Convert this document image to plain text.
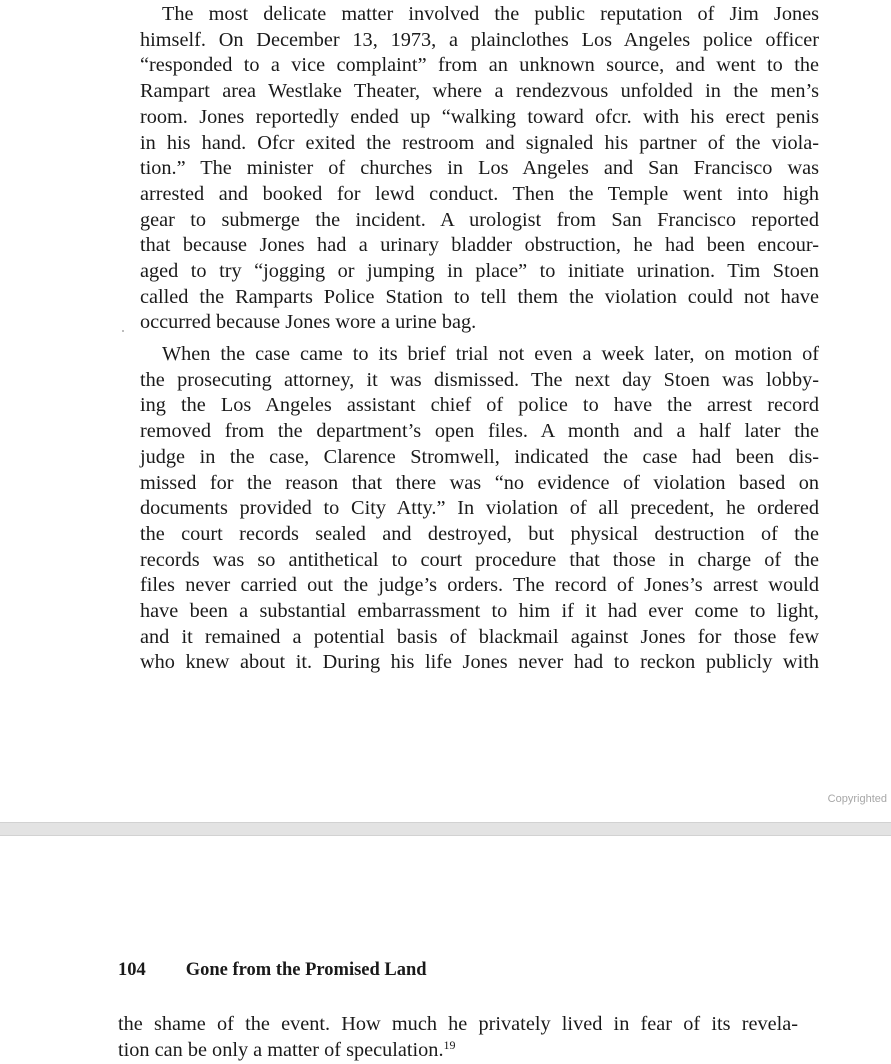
The most delicate matter involved the public reputation of Jim Jones
himself. On December 13, 1973, a plainclothes Los Angeles police officer
“responded to a vice complaint” from an unknown source, and went to the
Rampart area Westlake Theater, where a rendezvous unfolded in the men’s
room. Jones reportedly ended up “walking toward ofcr. with his erect penis
in his hand. Ofcr exited the restroom and signaled his partner of the viola-
tion.” The minister of churches in Los Angeles and San Francisco was
arrested and booked for lewd conduct. Then the Temple went into high
gear to submerge the incident. A urologist from San Francisco reported
that because Jones had a urinary bladder obstruction, he had been encour-
aged to try “jogging or jumping in place” to initiate urination. Tim Stoen
called the Ramparts Police Station to tell them the violation could not have
occurred because Jones wore a urine bag.

When the case came to its brief trial not even a week later, on motion of
the prosecuting attorney, it was dismissed. The next day Stoen was lobby-
ing the Los Angeles assistant chief of police to have the arrest record
removed from the department’s open files. A month and a half later the
judge in the case, Clarence Stromwell, indicated the case had been dis-
missed for the reason that there was “no evidence of violation based on
documents provided to City Atty.” In violation of all precedent, he ordered
the court records sealed and destroyed, but physical destruction of the
records was so antithetical to court procedure that those in charge of the
files never carried out the judge’s orders. The record of Jones’s arrest would
have been a substantial embarrassment to him if it had ever come to light,
and it remained a potential basis of blackmail against Jones for those few
who knew about it. During his life Jones never had to reckon publicly with

Copyrighted
104 Gone from the Promised Land

the shame of the event. How much he privately lived in fear of its revela-
tion can be only a matter of speculation.$^{19}$
